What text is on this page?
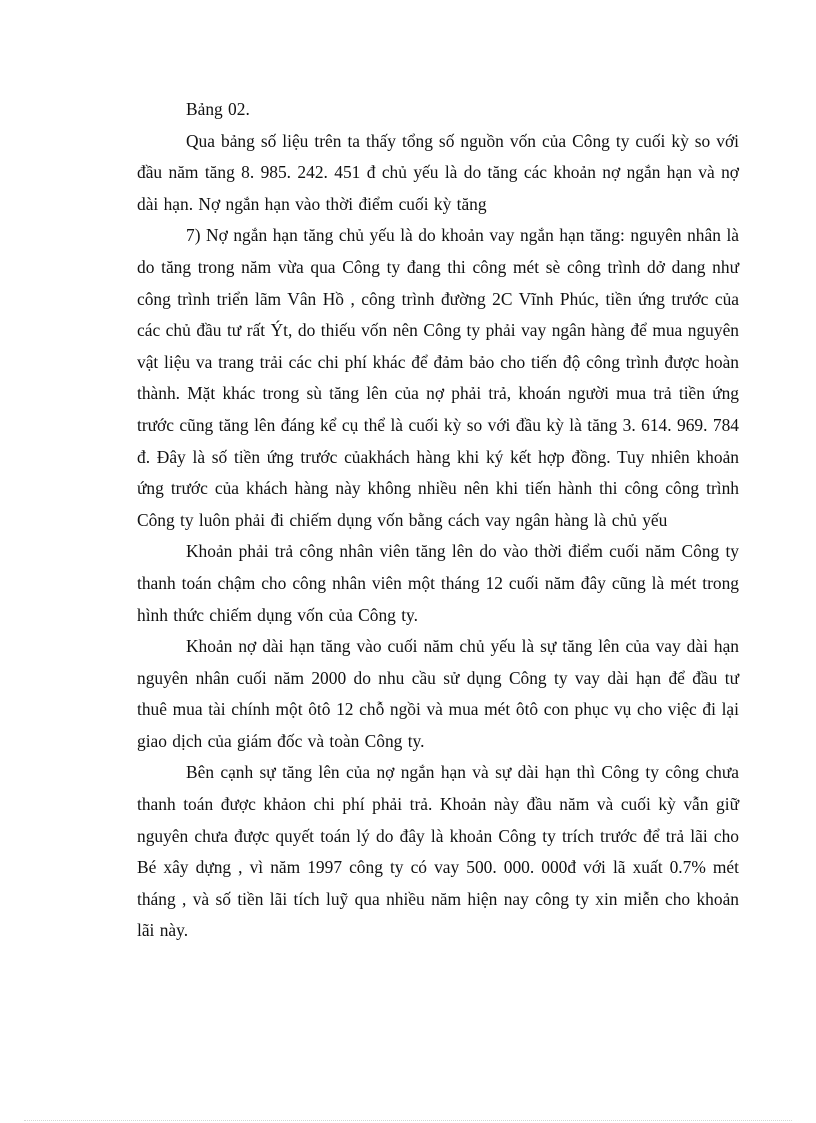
Bảng 02.

Qua bảng số liệu trên ta thấy tổng số nguồn vốn của Công ty cuối kỳ so với đầu năm tăng 8. 985. 242. 451 đ chủ yếu là do tăng các khoản nợ ngắn hạn và nợ dài hạn. Nợ ngắn hạn vào thời điểm cuối kỳ tăng

7) Nợ ngắn hạn tăng chủ yếu là do khoản vay ngắn hạn tăng: nguyên nhân là do tăng trong năm vừa qua Công ty đang thi công mét sè công trình dở dang như công trình triển lãm Vân Hồ , công trình đường 2C Vĩnh Phúc, tiền ứng trước của các chủ đầu tư rất Ýt, do thiếu vốn nên Công ty phải vay ngân hàng để mua nguyên vật liệu va trang trải các chi phí khác để đảm bảo cho tiến độ công trình được hoàn thành. Mặt khác trong sù tăng lên của nợ phải trả, khoán người mua trả tiền ứng trước cũng tăng lên đáng kể cụ thể là cuối kỳ so với đầu kỳ là tăng 3. 614. 969. 784 đ. Đây là số tiền ứng trước củakhách hàng khi ký kết hợp đồng. Tuy nhiên khoản ứng trước của khách hàng này không nhiều nên khi tiến hành thi công công trình Công ty luôn phải đi chiếm dụng vốn bằng cách vay ngân hàng là chủ yếu

Khoản phải trả công nhân viên tăng lên do vào thời điểm cuối năm Công ty thanh toán chậm cho công nhân viên một tháng 12 cuối năm đây cũng là mét trong hình thức chiếm dụng vốn của Công ty.

Khoản nợ dài hạn tăng vào cuối năm chủ yếu là sự tăng lên của vay dài hạn nguyên nhân cuối năm 2000 do nhu cầu sử dụng Công ty vay dài hạn để đầu tư thuê mua tài chính một ôtô 12 chỗ ngồi và mua mét ôtô con phục vụ cho việc đi lại giao dịch của giám đốc và toàn Công ty.

Bên cạnh sự tăng lên của nợ ngắn hạn và sự dài hạn thì Công ty công chưa thanh toán được khảon chi phí phải trả. Khoản này đầu năm và cuối kỳ vẫn giữ nguyên chưa được quyết toán lý do đây là khoản Công ty trích trước để trả lãi cho Bé xây dựng , vì năm 1997 công ty có vay 500. 000. 000đ với lã xuất 0.7% mét tháng , và số tiền lãi tích luỹ qua nhiều năm hiện nay công ty xin miễn cho khoản lãi này.
